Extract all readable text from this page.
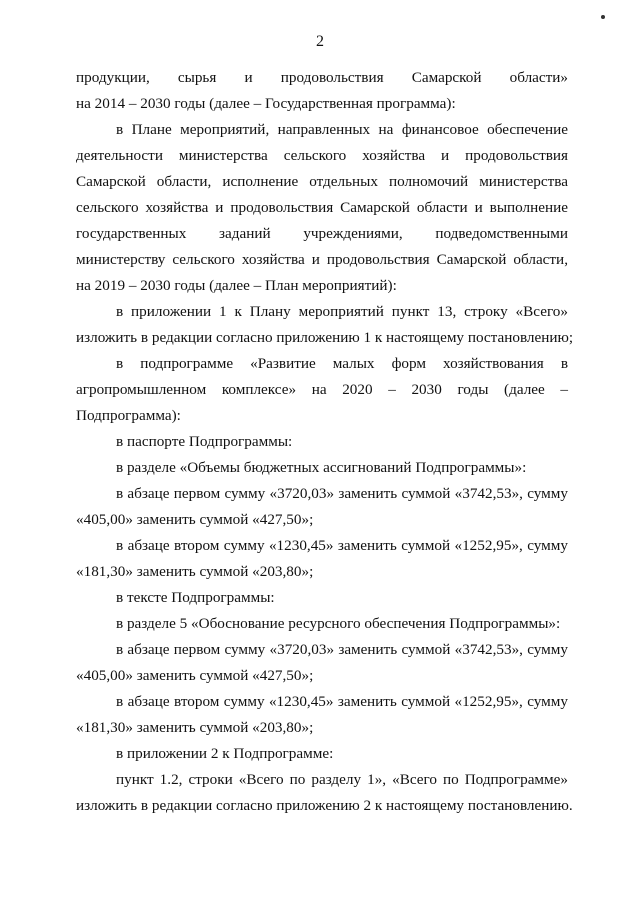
2
продукции, сырья и продовольствия Самарской области»
на 2014 – 2030 годы (далее – Государственная программа):
в Плане мероприятий, направленных на финансовое обеспечение
деятельности министерства сельского хозяйства и продовольствия
Самарской области, исполнение отдельных полномочий министерства
сельского хозяйства и продовольствия Самарской области и выполнение
государственных заданий учреждениями, подведомственными
министерству сельского хозяйства и продовольствия Самарской области,
на 2019 – 2030 годы (далее – План мероприятий):
в приложении 1 к Плану мероприятий пункт 13, строку «Всего»
изложить в редакции согласно приложению 1 к настоящему постановлению;
в подпрограмме «Развитие малых форм хозяйствования в
агропромышленном комплексе» на 2020 – 2030 годы (далее –
Подпрограмма):
в паспорте Подпрограммы:
в разделе «Объемы бюджетных ассигнований Подпрограммы»:
в абзаце первом сумму «3720,03» заменить суммой «3742,53», сумму
«405,00» заменить суммой «427,50»;
в абзаце втором сумму «1230,45» заменить суммой «1252,95», сумму
«181,30» заменить суммой «203,80»;
в тексте Подпрограммы:
в разделе 5 «Обоснование ресурсного обеспечения Подпрограммы»:
в абзаце первом сумму «3720,03» заменить суммой «3742,53», сумму
«405,00» заменить суммой «427,50»;
в абзаце втором сумму «1230,45» заменить суммой «1252,95», сумму
«181,30» заменить суммой «203,80»;
в приложении 2 к Подпрограмме:
пункт 1.2, строки «Всего по разделу 1», «Всего по Подпрограмме»
изложить в редакции согласно приложению 2 к настоящему постановлению.
